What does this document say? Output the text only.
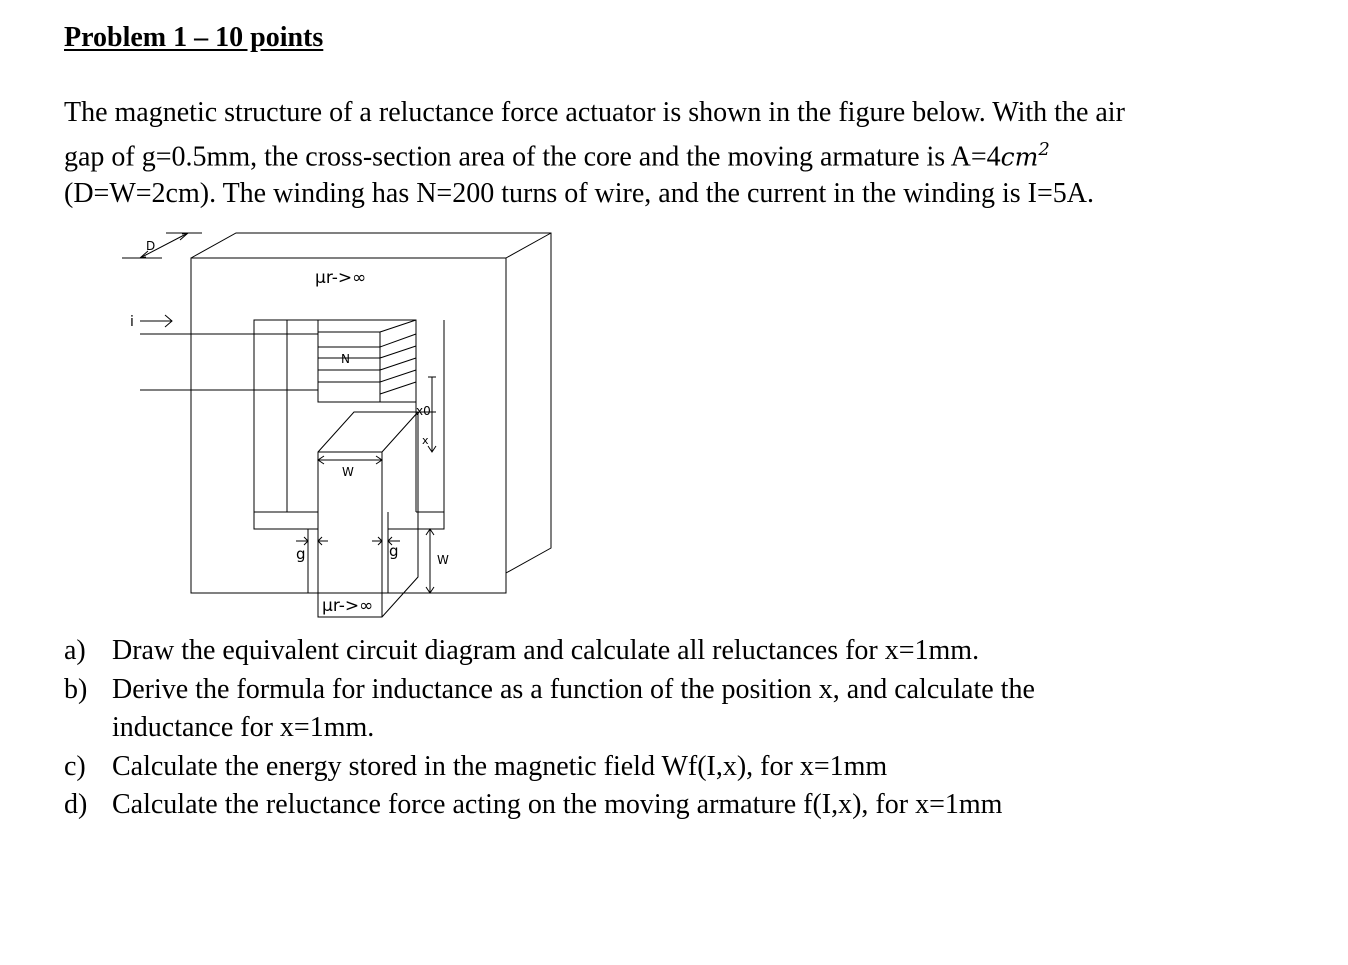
Problem 1 – 10 points
The magnetic structure of a reluctance force actuator is shown in the figure below. With the air
gap of g=0.5mm, the cross-section area of the core and the moving armature is $A=4cm^2$
(D=W=2cm). The winding has N=200 turns of wire, and the current in the winding is I=5A.
D
i
μr->∞
N
x0
x
W
g	g	W
μr->∞
a) Draw the equivalent circuit diagram and calculate all reluctances for x=1mm.
b) Derive the formula for inductance as a function of the position x, and calculate the
inductance for x=1mm.
c) Calculate the energy stored in the magnetic field Wf(I,x), for x=1mm
d) Calculate the reluctance force acting on the moving armature f(I,x), for x=1mm
